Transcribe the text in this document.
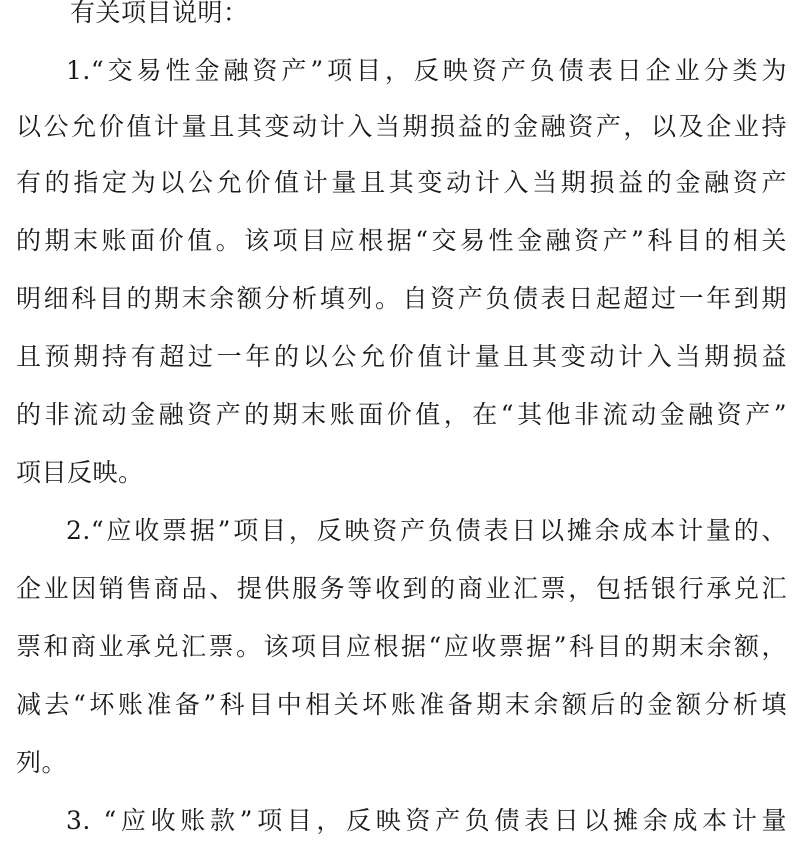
有关项目说明：
1.“交易性金融资产”项目，反映资产负债表日企业分类为
以公允价值计量且其变动计入当期损益的金融资产，以及企业持
有的指定为以公允价值计量且其变动计入当期损益的金融资产
的期末账面价值。该项目应根据“交易性金融资产”科目的相关
明细科目的期末余额分析填列。自资产负债表日起超过一年到期
且预期持有超过一年的以公允价值计量且其变动计入当期损益
的非流动金融资产的期末账面价值，在“其他非流动金融资产”
项目反映。
2.“应收票据”项目，反映资产负债表日以摊余成本计量的、
企业因销售商品、提供服务等收到的商业汇票，包括银行承兑汇
票和商业承兑汇票。该项目应根据“应收票据”科目的期末余额，
减去“坏账准备”科目中相关坏账准备期末余额后的金额分析填
列。
3. “应收账款”项目，反映资产负债表日以摊余成本计量
